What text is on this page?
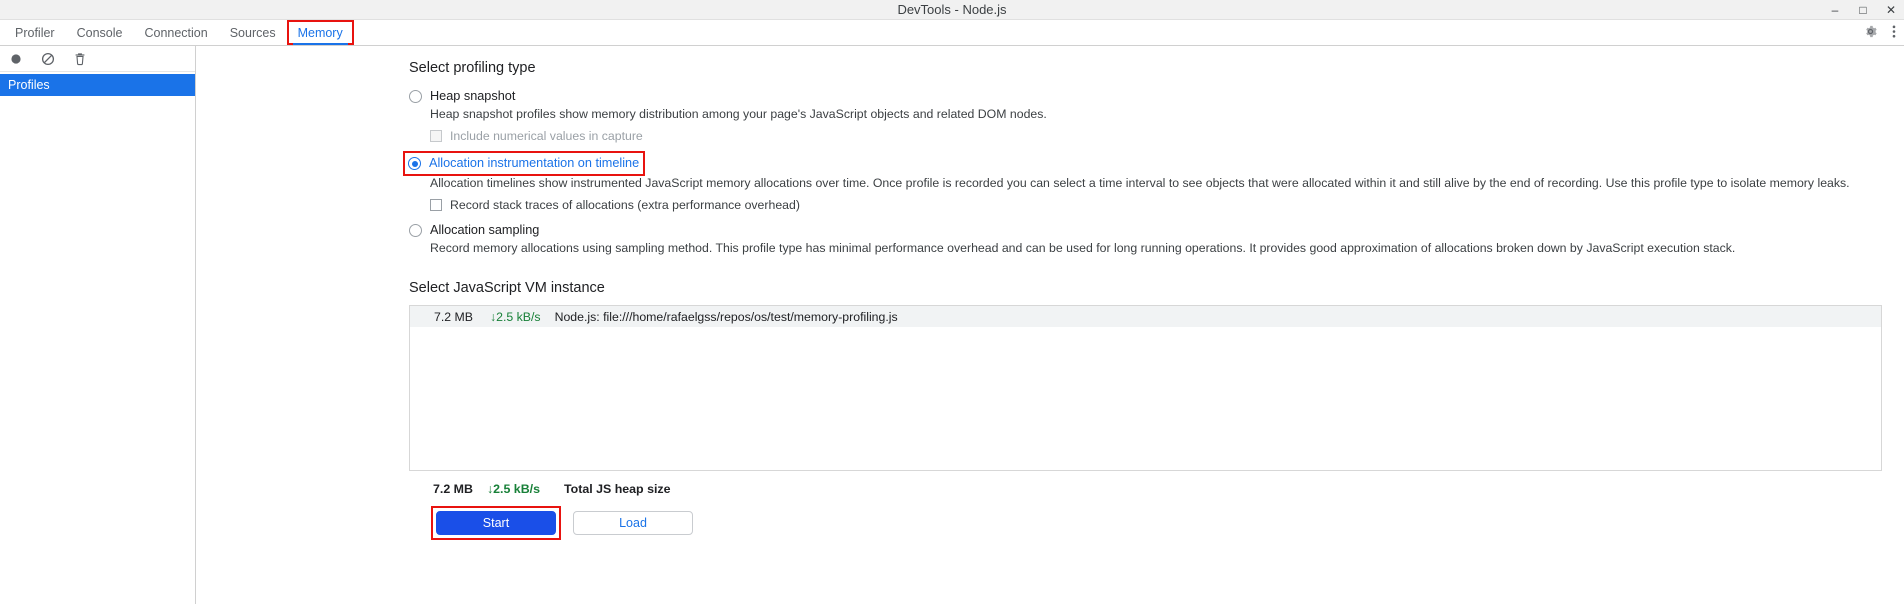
DevTools - Node.js	–	□ ✕
Profiler	Console	Connection	Sources	Memory
Profiles
Select profiling type
Heap snapshot
Heap snapshot profiles show memory distribution among your page's JavaScript objects and related DOM nodes.
Include numerical values in capture
Allocation instrumentation on timeline
Allocation timelines show instrumented JavaScript memory allocations over time. Once profile is recorded you can select a time interval to see objects that were allocated within it and still alive by the end of recording. Use this profile type to isolate memory leaks.
Record stack traces of allocations (extra performance overhead)
Allocation sampling
Record memory allocations using sampling method. This profile type has minimal performance overhead and can be used for long running operations. It provides good approximation of allocations broken down by JavaScript execution stack.
Select JavaScript VM instance
7.2 MB ↓2.5 kB/s Node.js: file:///home/rafaelgss/repos/os/test/memory-profiling.js
7.2 MB ↓2.5 kB/s Total JS heap size
Start	Load
